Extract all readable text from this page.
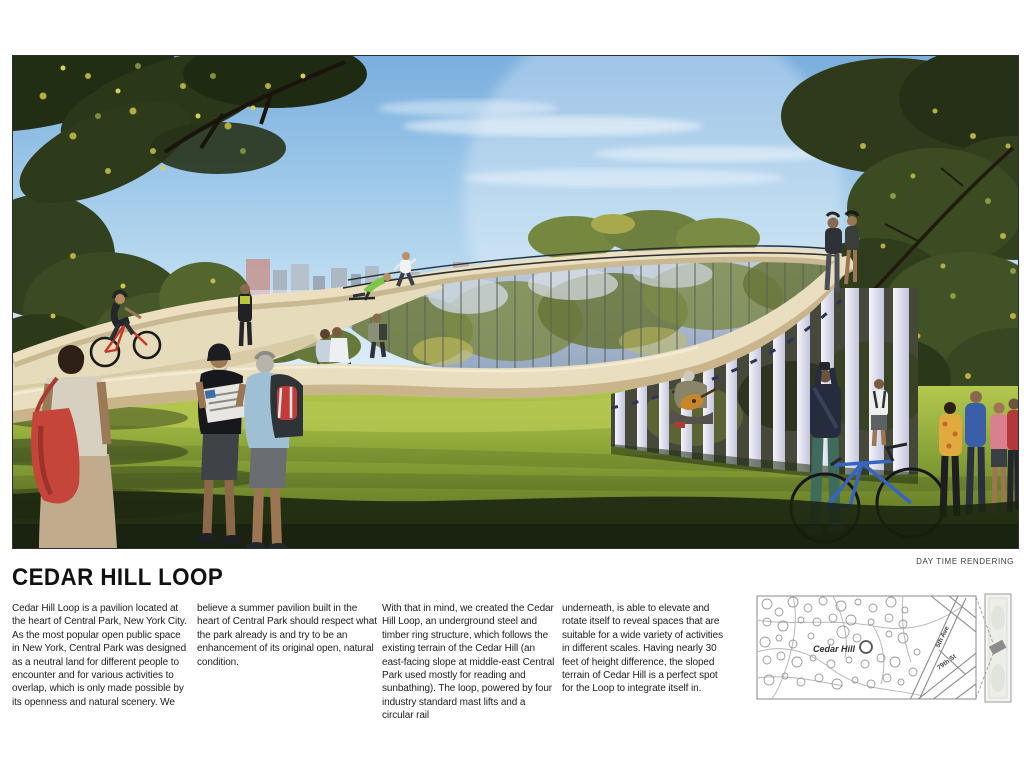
DAY TIME RENDERING
CEDAR HILL LOOP
Cedar Hill Loop is a pavilion located at the heart of Central Park, New York City. As the most popular open public space in New York, Central Park was designed as a neutral land for different people to encounter and for various activities to overlap, which is only made possible by its openness and natural scenery. We
believe a summer pavilion built in the heart of Central Park should respect what the park already is and try to be an enhancement of its original open, natural condition.
With that in mind, we created the Cedar Hill Loop, an underground steel and timber ring structure, which follows the existing terrain of the Cedar Hill (an east-facing slope at middle-east Central Park used mostly for reading and sunbathing). The loop, powered by four industry standard mast lifts and a circular rail
underneath, is able to elevate and rotate itself to reveal spaces that are suitable for a wide variety of activities in different scales. Having nearly 30 feet of height difference, the sloped terrain of Cedar Hill is a perfect spot for the Loop to integrate itself in.
Cedar Hill
5th Ave
79th St
